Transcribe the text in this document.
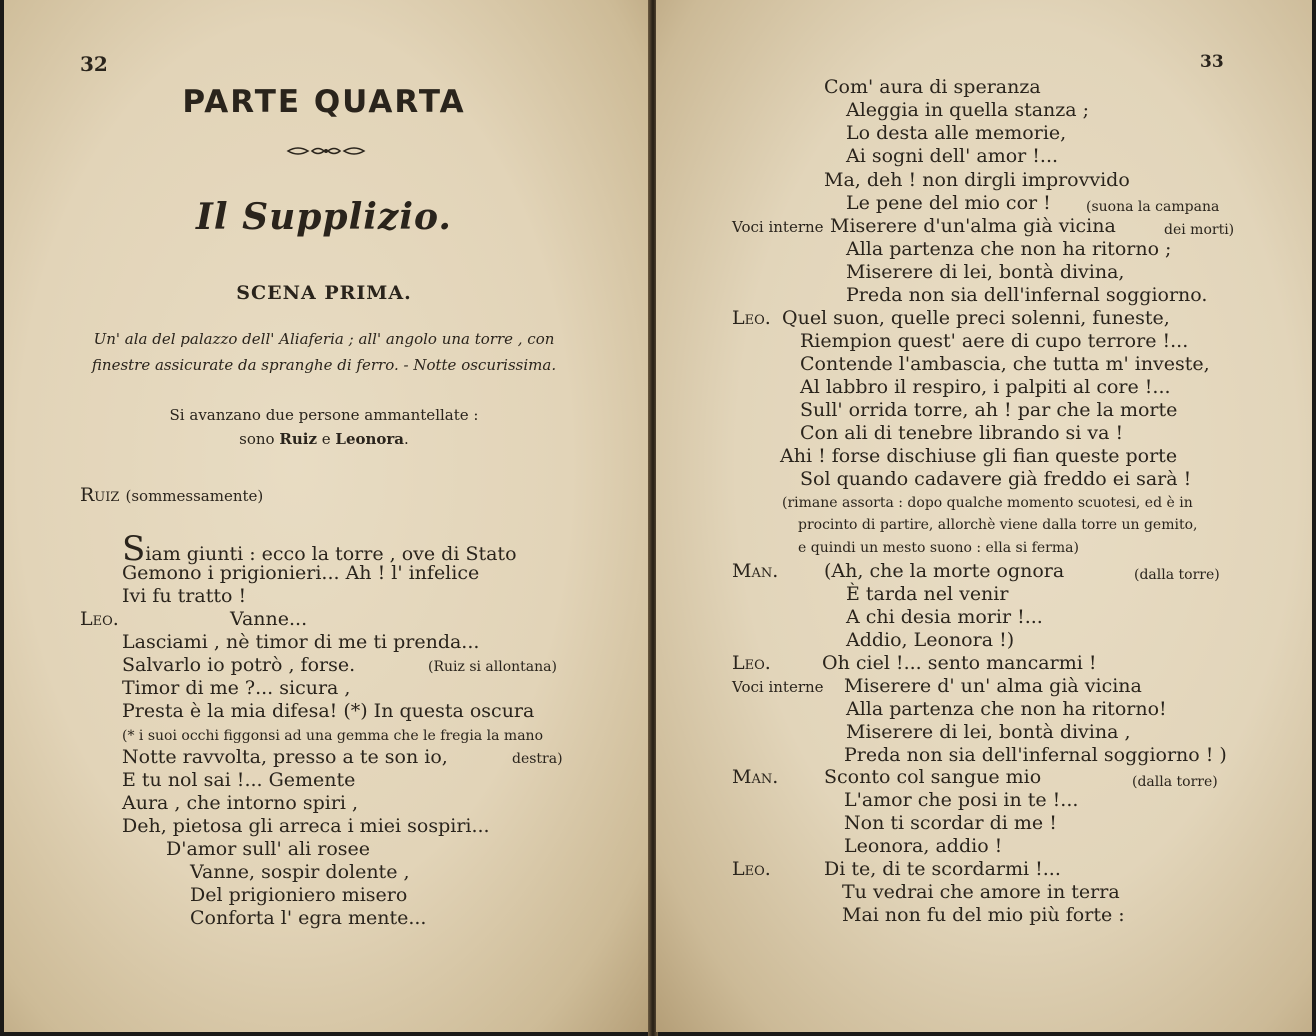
32
PARTE QUARTA
Il Supplizio.
SCENA PRIMA.
Un' ala del palazzo dell' Aliaferia ; all' angolo una torre , con
finestre assicurate da spranghe di ferro. - Notte oscurissima.
Si avanzano due persone ammantellate :
sono Ruiz e Leonora.
Ruiz (sommessamente)
Siam giunti : ecco la torre , ove di Stato
Gemono i prigionieri... Ah ! l' infelice
Ivi fu tratto !
Leo.	Vanne...
Lasciami , nè timor di me ti prenda...
Salvarlo io potrò , forse.	(Ruiz si allontana)
Timor di me ?... sicura ,
Presta è la mia difesa! (*) In questa oscura
(* i suoi occhi figgonsi ad una gemma che le fregia la mano
Notte ravvolta, presso a te son io,	destra)
E tu nol sai !... Gemente
Aura , che intorno spiri ,
Deh, pietosa gli arreca i miei sospiri...
D'amor sull' ali rosee
Vanne, sospir dolente ,
Del prigioniero misero
Conforta l' egra mente...
33
Com' aura di speranza
Aleggia in quella stanza ;
Lo desta alle memorie,
Ai sogni dell' amor !...
Ma, deh ! non dirgli improvvido
Le pene del mio cor !	(suona la campana
Voci interne Miserere d'un'alma già vicina	dei morti)
Alla partenza che non ha ritorno ;
Miserere di lei, bontà divina,
Preda non sia dell'infernal soggiorno.
Leo. Quel suon, quelle preci solenni, funeste,
Riempion quest' aere di cupo terrore !...
Contende l'ambascia, che tutta m' investe,
Al labbro il respiro, i palpiti al core !...
Sull' orrida torre, ah ! par che la morte
Con ali di tenebre librando si va !
Ahi ! forse dischiuse gli fian queste porte
Sol quando cadavere già freddo ei sarà !
(rimane assorta : dopo qualche momento scuotesi, ed è in
procinto di partire, allorchè viene dalla torre un gemito,
e quindi un mesto suono : ella si ferma)
Man. (Ah, che la morte ognora	(dalla torre)
È tarda nel venir
A chi desia morir !...
Addio, Leonora !)
Leo.	Oh ciel !... sento mancarmi !
Voci interne Miserere d' un' alma già vicina
Alla partenza che non ha ritorno!
Miserere di lei, bontà divina ,
Preda non sia dell'infernal soggiorno ! )
Man. Sconto col sangue mio	(dalla torre)
L'amor che posi in te !...
Non ti scordar di me !
Leonora, addio !
Leo.	Di te, di te scordarmi !...
Tu vedrai che amore in terra
Mai non fu del mio più forte :
